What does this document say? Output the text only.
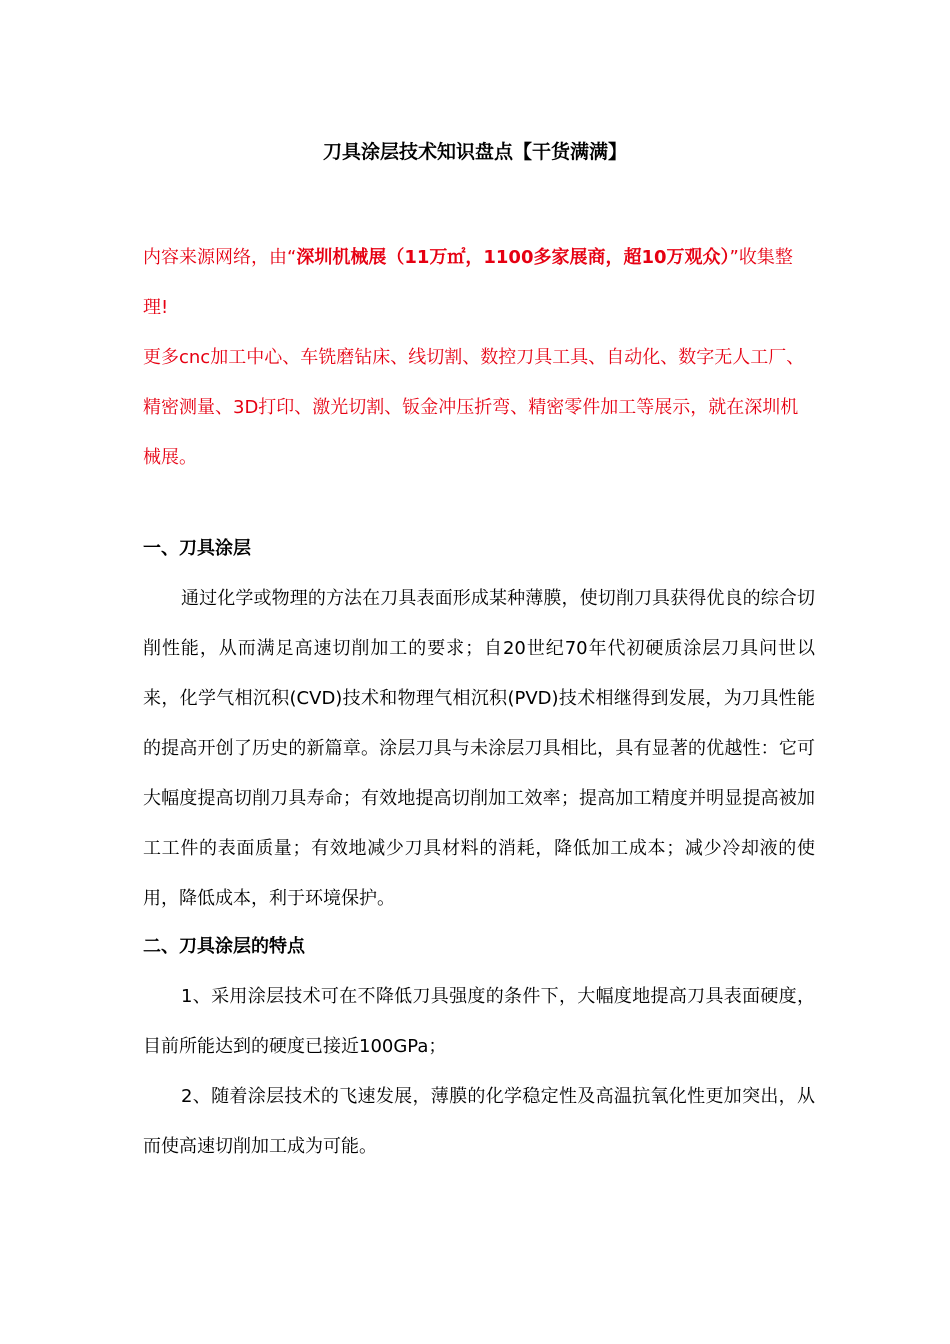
刀具涂层技术知识盘点【干货满满】

内容来源网络，由“深圳机械展（11万㎡，1100多家展商，超10万观众）”收集整理!

更多cnc加工中心、车铣磨钻床、线切割、数控刀具工具、自动化、数字无人工厂、精密测量、3D打印、激光切割、钣金冲压折弯、精密零件加工等展示，就在深圳机械展。

一、刀具涂层

通过化学或物理的方法在刀具表面形成某种薄膜，使切削刀具获得优良的综合切削性能，从而满足高速切削加工的要求；自20世纪70年代初硬质涂层刀具问世以来，化学气相沉积(CVD)技术和物理气相沉积(PVD)技术相继得到发展，为刀具性能的提高开创了历史的新篇章。涂层刀具与未涂层刀具相比，具有显著的优越性：它可大幅度提高切削刀具寿命；有效地提高切削加工效率；提高加工精度并明显提高被加工工件的表面质量；有效地减少刀具材料的消耗，降低加工成本；减少冷却液的使用，降低成本，利于环境保护。

二、刀具涂层的特点

1、采用涂层技术可在不降低刀具强度的条件下，大幅度地提高刀具表面硬度，目前所能达到的硬度已接近100GPa；

2、随着涂层技术的飞速发展，薄膜的化学稳定性及高温抗氧化性更加突出，从而使高速切削加工成为可能。
